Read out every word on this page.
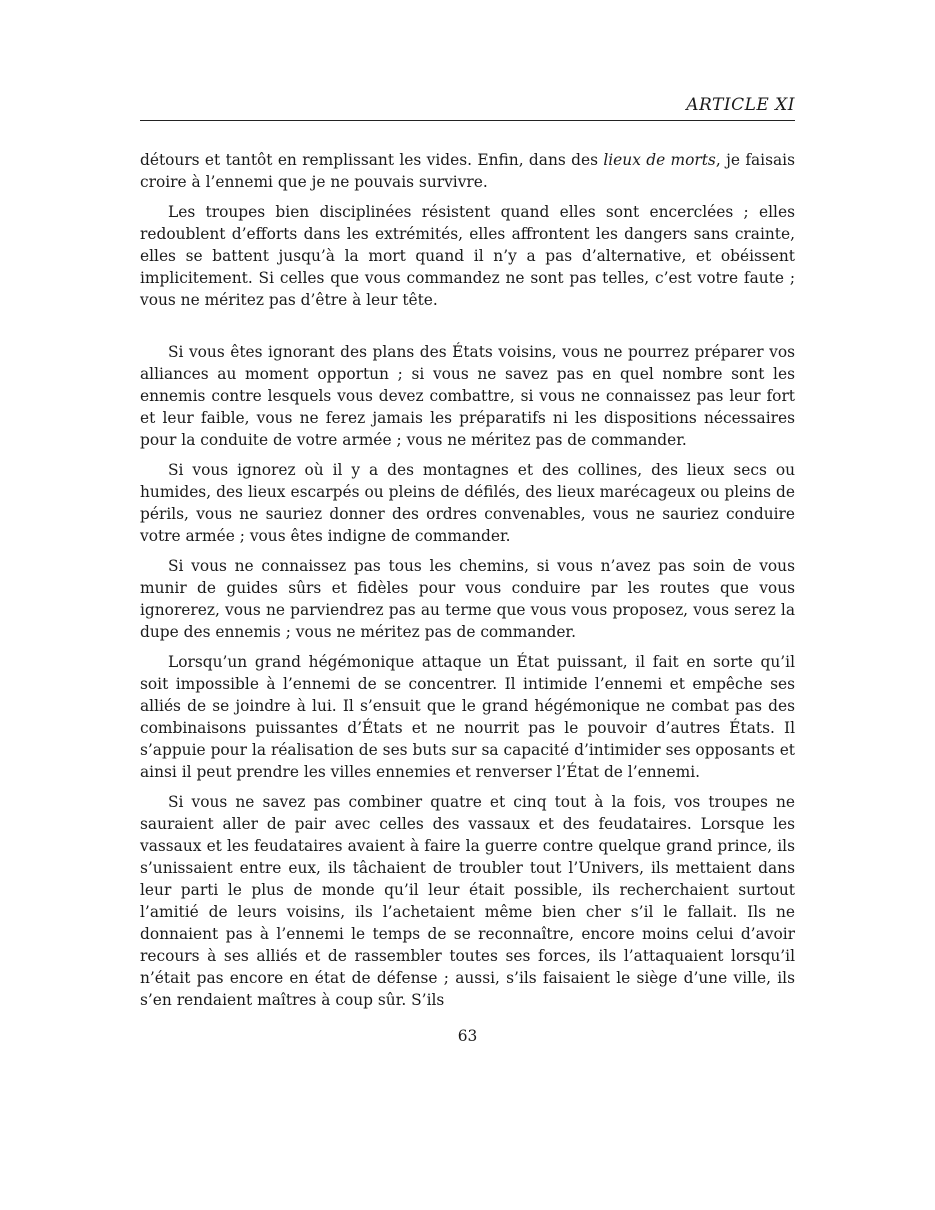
ARTICLE XI

détours et tantôt en remplissant les vides. Enfin, dans des lieux de morts, je faisais croire à l’ennemi que je ne pouvais survivre.

Les troupes bien disciplinées résistent quand elles sont encerclées ; elles redoublent d’efforts dans les extrémités, elles affrontent les dangers sans crainte, elles se battent jusqu’à la mort quand il n’y a pas d’alternative, et obéissent implicitement. Si celles que vous commandez ne sont pas telles, c’est votre faute ; vous ne méritez pas d’être à leur tête.

Si vous êtes ignorant des plans des États voisins, vous ne pourrez préparer vos alliances au moment opportun ; si vous ne savez pas en quel nombre sont les ennemis contre lesquels vous devez combattre, si vous ne connaissez pas leur fort et leur faible, vous ne ferez jamais les préparatifs ni les dispositions nécessaires pour la conduite de votre armée ; vous ne méritez pas de commander.

Si vous ignorez où il y a des montagnes et des collines, des lieux secs ou humides, des lieux escarpés ou pleins de défilés, des lieux marécageux ou pleins de périls, vous ne sauriez donner des ordres convenables, vous ne sauriez conduire votre armée ; vous êtes indigne de commander.

Si vous ne connaissez pas tous les chemins, si vous n’avez pas soin de vous munir de guides sûrs et fidèles pour vous conduire par les routes que vous ignorerez, vous ne parviendrez pas au terme que vous vous proposez, vous serez la dupe des ennemis ; vous ne méritez pas de commander.

Lorsqu’un grand hégémonique attaque un État puissant, il fait en sorte qu’il soit impossible à l’ennemi de se concentrer. Il intimide l’ennemi et empêche ses alliés de se joindre à lui. Il s’ensuit que le grand hégémonique ne combat pas des combinaisons puissantes d’États et ne nourrit pas le pouvoir d’autres États. Il s’appuie pour la réalisation de ses buts sur sa capacité d’intimider ses opposants et ainsi il peut prendre les villes ennemies et renverser l’État de l’ennemi.

Si vous ne savez pas combiner quatre et cinq tout à la fois, vos troupes ne sauraient aller de pair avec celles des vassaux et des feudataires. Lorsque les vassaux et les feudataires avaient à faire la guerre contre quelque grand prince, ils s’unissaient entre eux, ils tâchaient de troubler tout l’Univers, ils mettaient dans leur parti le plus de monde qu’il leur était possible, ils recherchaient surtout l’amitié de leurs voisins, ils l’achetaient même bien cher s’il le fallait. Ils ne donnaient pas à l’ennemi le temps de se reconnaître, encore moins celui d’avoir recours à ses alliés et de rassembler toutes ses forces, ils l’attaquaient lorsqu’il n’était pas encore en état de défense ; aussi, s’ils faisaient le siège d’une ville, ils s’en rendaient maîtres à coup sûr. S’ils

63
